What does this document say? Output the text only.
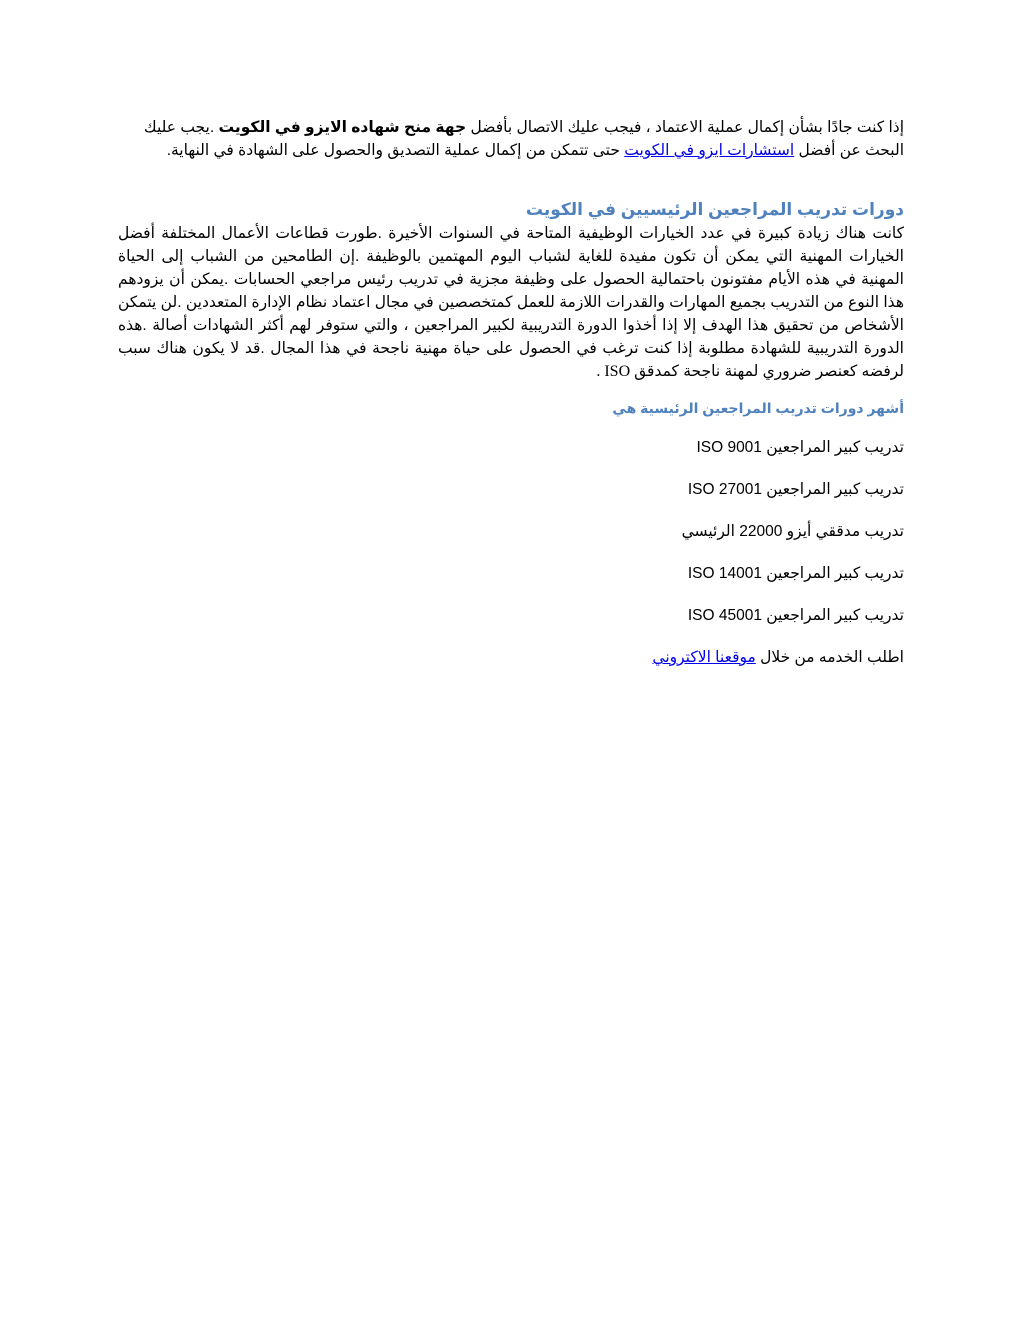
إذا كنت جادًا بشأن إكمال عملية الاعتماد ، فيجب عليك الاتصال بأفضل جهة منح شهاده الايزو في الكويت .يجب عليك البحث عن أفضل استشارات ايزو في الكويت حتى تتمكن من إكمال عملية التصديق والحصول على الشهادة في النهاية.

دورات تدريب المراجعين الرئيسيين في الكويت

كانت هناك زيادة كبيرة في عدد الخيارات الوظيفية المتاحة في السنوات الأخيرة .طورت قطاعات الأعمال المختلفة أفضل الخيارات المهنية التي يمكن أن تكون مفيدة للغاية لشباب اليوم المهتمين بالوظيفة .إن الطامحين من الشباب إلى الحياة المهنية في هذه الأيام مفتونون باحتمالية الحصول على وظيفة مجزية في تدريب رئيس مراجعي الحسابات .يمكن أن يزودهم هذا النوع من التدريب بجميع المهارات والقدرات اللازمة للعمل كمتخصصين في مجال اعتماد نظام الإدارة المتعددين .لن يتمكن الأشخاص من تحقيق هذا الهدف إلا إذا أخذوا الدورة التدريبية لكبير المراجعين ، والتي ستوفر لهم أكثر الشهادات أصالة .هذه الدورة التدريبية للشهادة مطلوبة إذا كنت ترغب في الحصول على حياة مهنية ناجحة في هذا المجال .قد لا يكون هناك سبب لرفضه كعنصر ضروري لمهنة ناجحة كمدقق ISO .

أشهر دورات تدريب المراجعين الرئيسية هي
تدريب كبير المراجعين ISO 9001
تدريب كبير المراجعين ISO 27001
تدريب مدققي أيزو 22000 الرئيسي
تدريب كبير المراجعين ISO 14001
تدريب كبير المراجعين ISO 45001

اطلب الخدمه من خلال موقعنا الاكتروني
